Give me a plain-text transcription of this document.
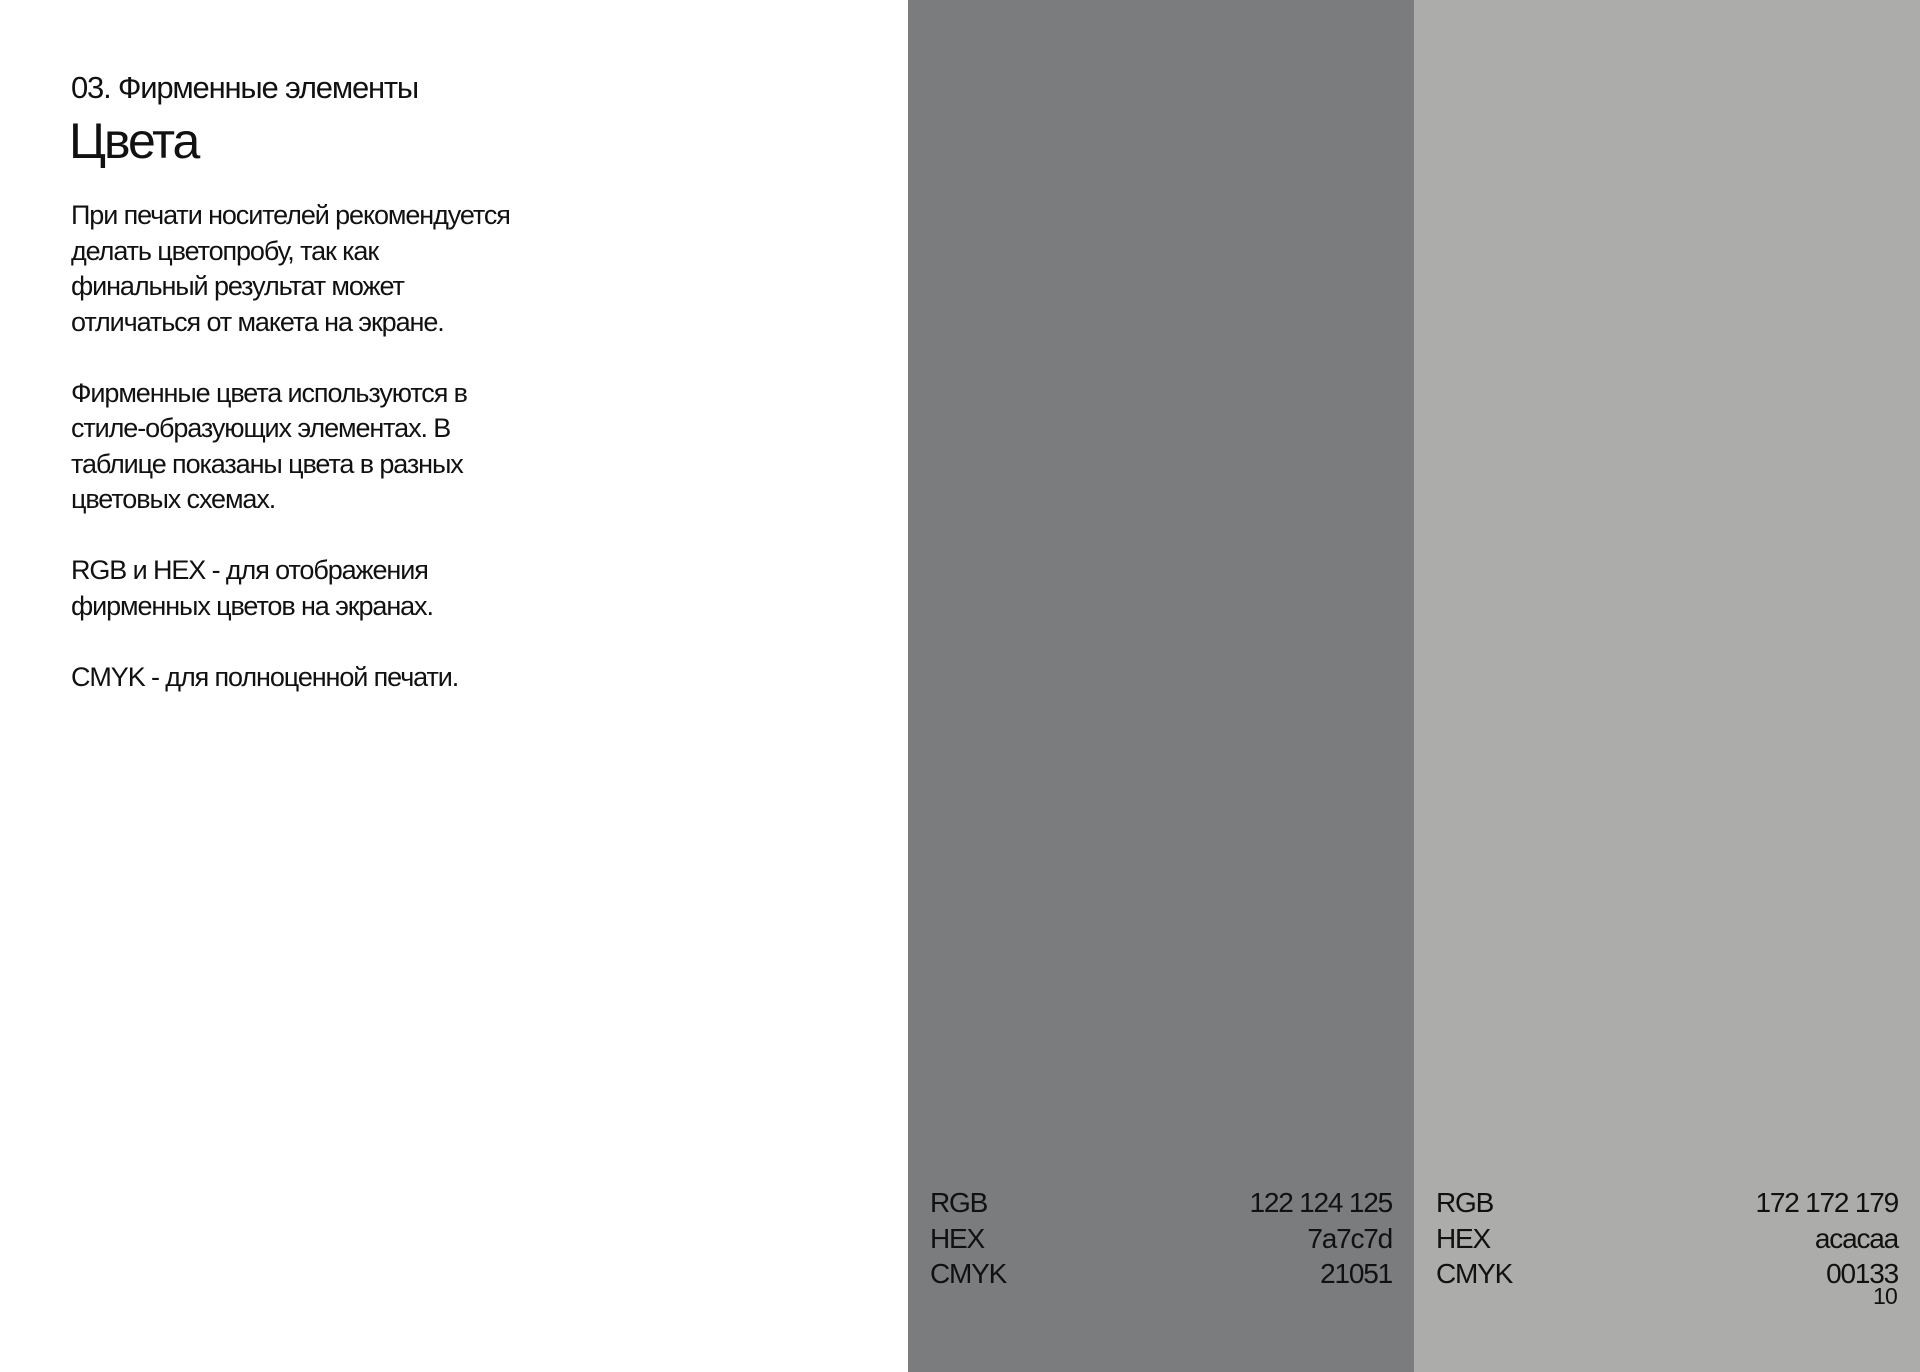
03. Фирменные элементы
Цвета

При печати носителей рекомендуется
делать цветопробу, так как
финальный результат может
отличаться от макета на экране.

Фирменные цвета используются в
стиле-образующих элементах. В
таблице показаны цвета в разных
цветовых схемах.

RGB и HEX - для отображения
фирменных цветов на экранах.

CMYK - для полноценной печати.

RGB	122 124 125
HEX	7a7c7d
CMYK	21051
RGB	172 172 179
HEX	acacaa
CMYK	00133
10
